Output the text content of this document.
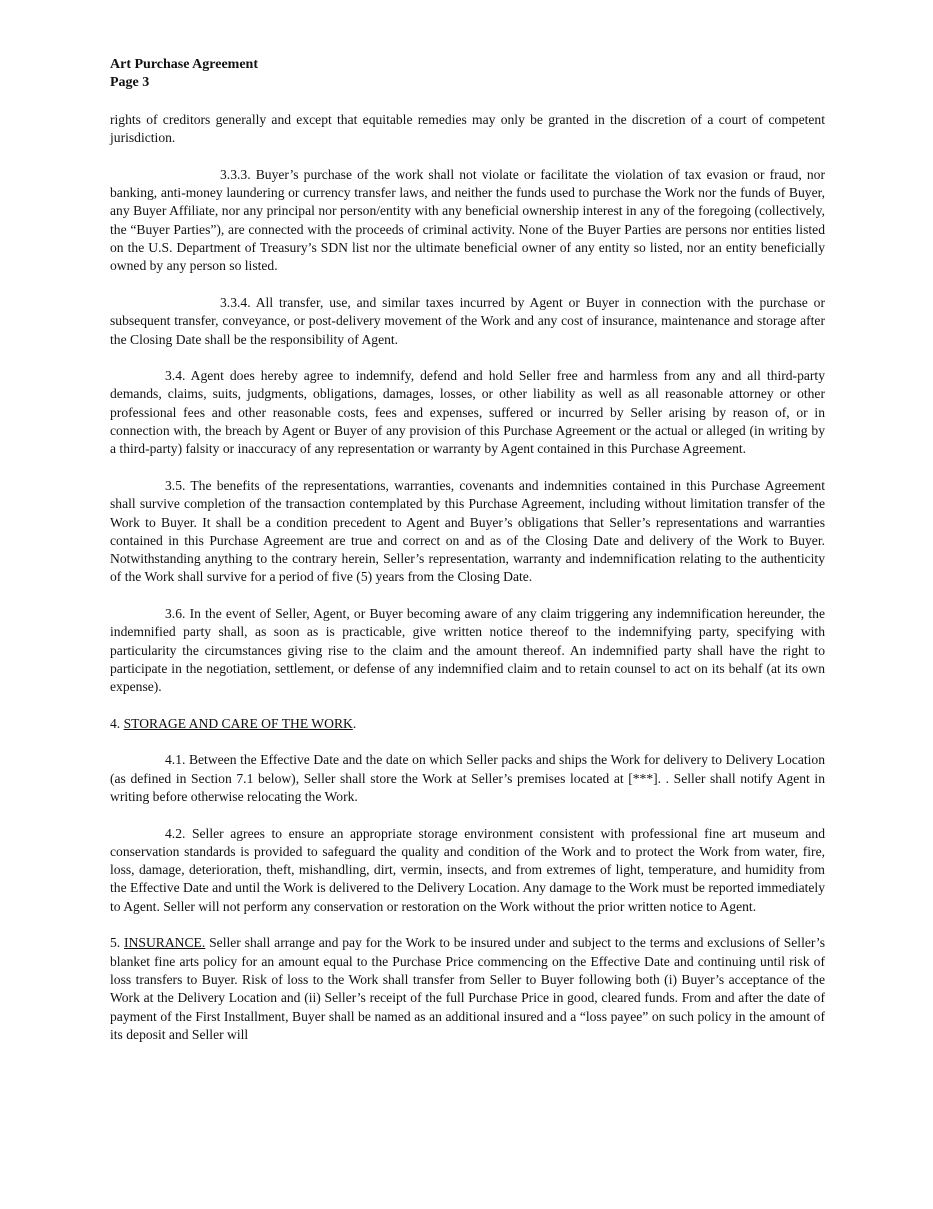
Art Purchase Agreement
Page 3

rights of creditors generally and except that equitable remedies may only be granted in the discretion of a court of competent jurisdiction.

3.3.3. Buyer’s purchase of the work shall not violate or facilitate the violation of tax evasion or fraud, nor banking, anti-money laundering or currency transfer laws, and neither the funds used to purchase the Work nor the funds of Buyer, any Buyer Affiliate, nor any principal nor person/entity with any beneficial ownership interest in any of the foregoing (collectively, the “Buyer Parties”), are connected with the proceeds of criminal activity. None of the Buyer Parties are persons nor entities listed on the U.S. Department of Treasury’s SDN list nor the ultimate beneficial owner of any entity so listed, nor an entity beneficially owned by any person so listed.

3.3.4. All transfer, use, and similar taxes incurred by Agent or Buyer in connection with the purchase or subsequent transfer, conveyance, or post-delivery movement of the Work and any cost of insurance, maintenance and storage after the Closing Date shall be the responsibility of Agent.

3.4. Agent does hereby agree to indemnify, defend and hold Seller free and harmless from any and all third-party demands, claims, suits, judgments, obligations, damages, losses, or other liability as well as all reasonable attorney or other professional fees and other reasonable costs, fees and expenses, suffered or incurred by Seller arising by reason of, or in connection with, the breach by Agent or Buyer of any provision of this Purchase Agreement or the actual or alleged (in writing by a third-party) falsity or inaccuracy of any representation or warranty by Agent contained in this Purchase Agreement.

3.5. The benefits of the representations, warranties, covenants and indemnities contained in this Purchase Agreement shall survive completion of the transaction contemplated by this Purchase Agreement, including without limitation transfer of the Work to Buyer. It shall be a condition precedent to Agent and Buyer’s obligations that Seller’s representations and warranties contained in this Purchase Agreement are true and correct on and as of the Closing Date and delivery of the Work to Buyer. Notwithstanding anything to the contrary herein, Seller’s representation, warranty and indemnification relating to the authenticity of the Work shall survive for a period of five (5) years from the Closing Date.

3.6. In the event of Seller, Agent, or Buyer becoming aware of any claim triggering any indemnification hereunder, the indemnified party shall, as soon as is practicable, give written notice thereof to the indemnifying party, specifying with particularity the circumstances giving rise to the claim and the amount thereof. An indemnified party shall have the right to participate in the negotiation, settlement, or defense of any indemnified claim and to retain counsel to act on its behalf (at its own expense).

4. STORAGE AND CARE OF THE WORK.

4.1. Between the Effective Date and the date on which Seller packs and ships the Work for delivery to Delivery Location (as defined in Section 7.1 below), Seller shall store the Work at Seller’s premises located at [***]. . Seller shall notify Agent in writing before otherwise relocating the Work.

4.2. Seller agrees to ensure an appropriate storage environment consistent with professional fine art museum and conservation standards is provided to safeguard the quality and condition of the Work and to protect the Work from water, fire, loss, damage, deterioration, theft, mishandling, dirt, vermin, insects, and from extremes of light, temperature, and humidity from the Effective Date and until the Work is delivered to the Delivery Location. Any damage to the Work must be reported immediately to Agent. Seller will not perform any conservation or restoration on the Work without the prior written notice to Agent.

5. INSURANCE. Seller shall arrange and pay for the Work to be insured under and subject to the terms and exclusions of Seller’s blanket fine arts policy for an amount equal to the Purchase Price commencing on the Effective Date and continuing until risk of loss transfers to Buyer. Risk of loss to the Work shall transfer from Seller to Buyer following both (i) Buyer’s acceptance of the Work at the Delivery Location and (ii) Seller’s receipt of the full Purchase Price in good, cleared funds. From and after the date of payment of the First Installment, Buyer shall be named as an additional insured and a “loss payee” on such policy in the amount of its deposit and Seller will
